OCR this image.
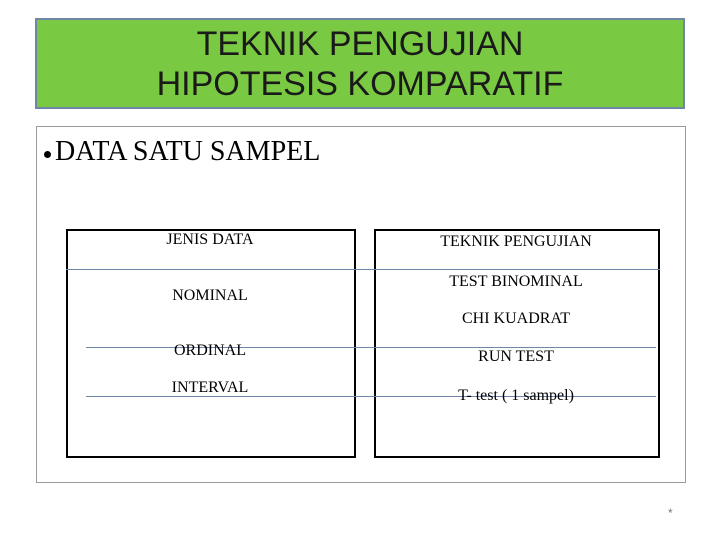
TEKNIK PENGUJIAN
HIPOTESIS KOMPARATIF
DATA SATU SAMPEL
JENIS DATA
NOMINAL
ORDINAL
INTERVAL
TEKNIK PENGUJIAN
TEST BINOMINAL
CHI KUADRAT
RUN TEST
T- test ( 1 sampel)
*
